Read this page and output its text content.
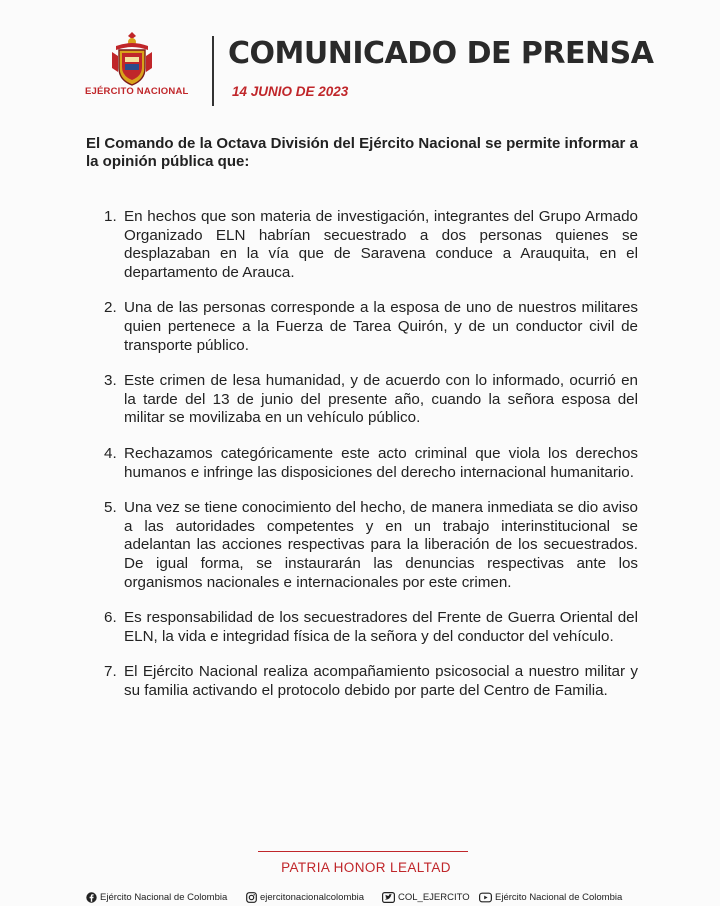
EJÉRCITO NACIONAL
COMUNICADO DE PRENSA
14 JUNIO DE 2023
El Comando de la Octava División del Ejército Nacional se permite informar a la opinión pública que:
1. En hechos que son materia de investigación, integrantes del Grupo Armado Organizado ELN habrían secuestrado a dos personas quienes se desplazaban en la vía que de Saravena conduce a Arauquita, en el departamento de Arauca.
2. Una de las personas corresponde a la esposa de uno de nuestros militares quien pertenece a la Fuerza de Tarea Quirón, y de un conductor civil de transporte público.
3. Este crimen de lesa humanidad, y de acuerdo con lo informado, ocurrió en la tarde del 13 de junio del presente año, cuando la señora esposa del militar se movilizaba en un vehículo público.
4. Rechazamos categóricamente este acto criminal que viola los derechos humanos e infringe las disposiciones del derecho internacional humanitario.
5. Una vez se tiene conocimiento del hecho, de manera inmediata se dio aviso a las autoridades competentes y en un trabajo interinstitucional se adelantan las acciones respectivas para la liberación de los secuestrados. De igual forma, se instaurarán las denuncias respectivas ante los organismos nacionales e internacionales por este crimen.
6. Es responsabilidad de los secuestradores del Frente de Guerra Oriental del ELN, la vida e integridad física de la señora y del conductor del vehículo.
7. El Ejército Nacional realiza acompañamiento psicosocial a nuestro militar y su familia activando el protocolo debido por parte del Centro de Familia.
PATRIA HONOR LEALTAD
Ejército Nacional de Colombia	ejercitonacionalcolombia	COL_EJERCITO	Ejército Nacional de Colombia
